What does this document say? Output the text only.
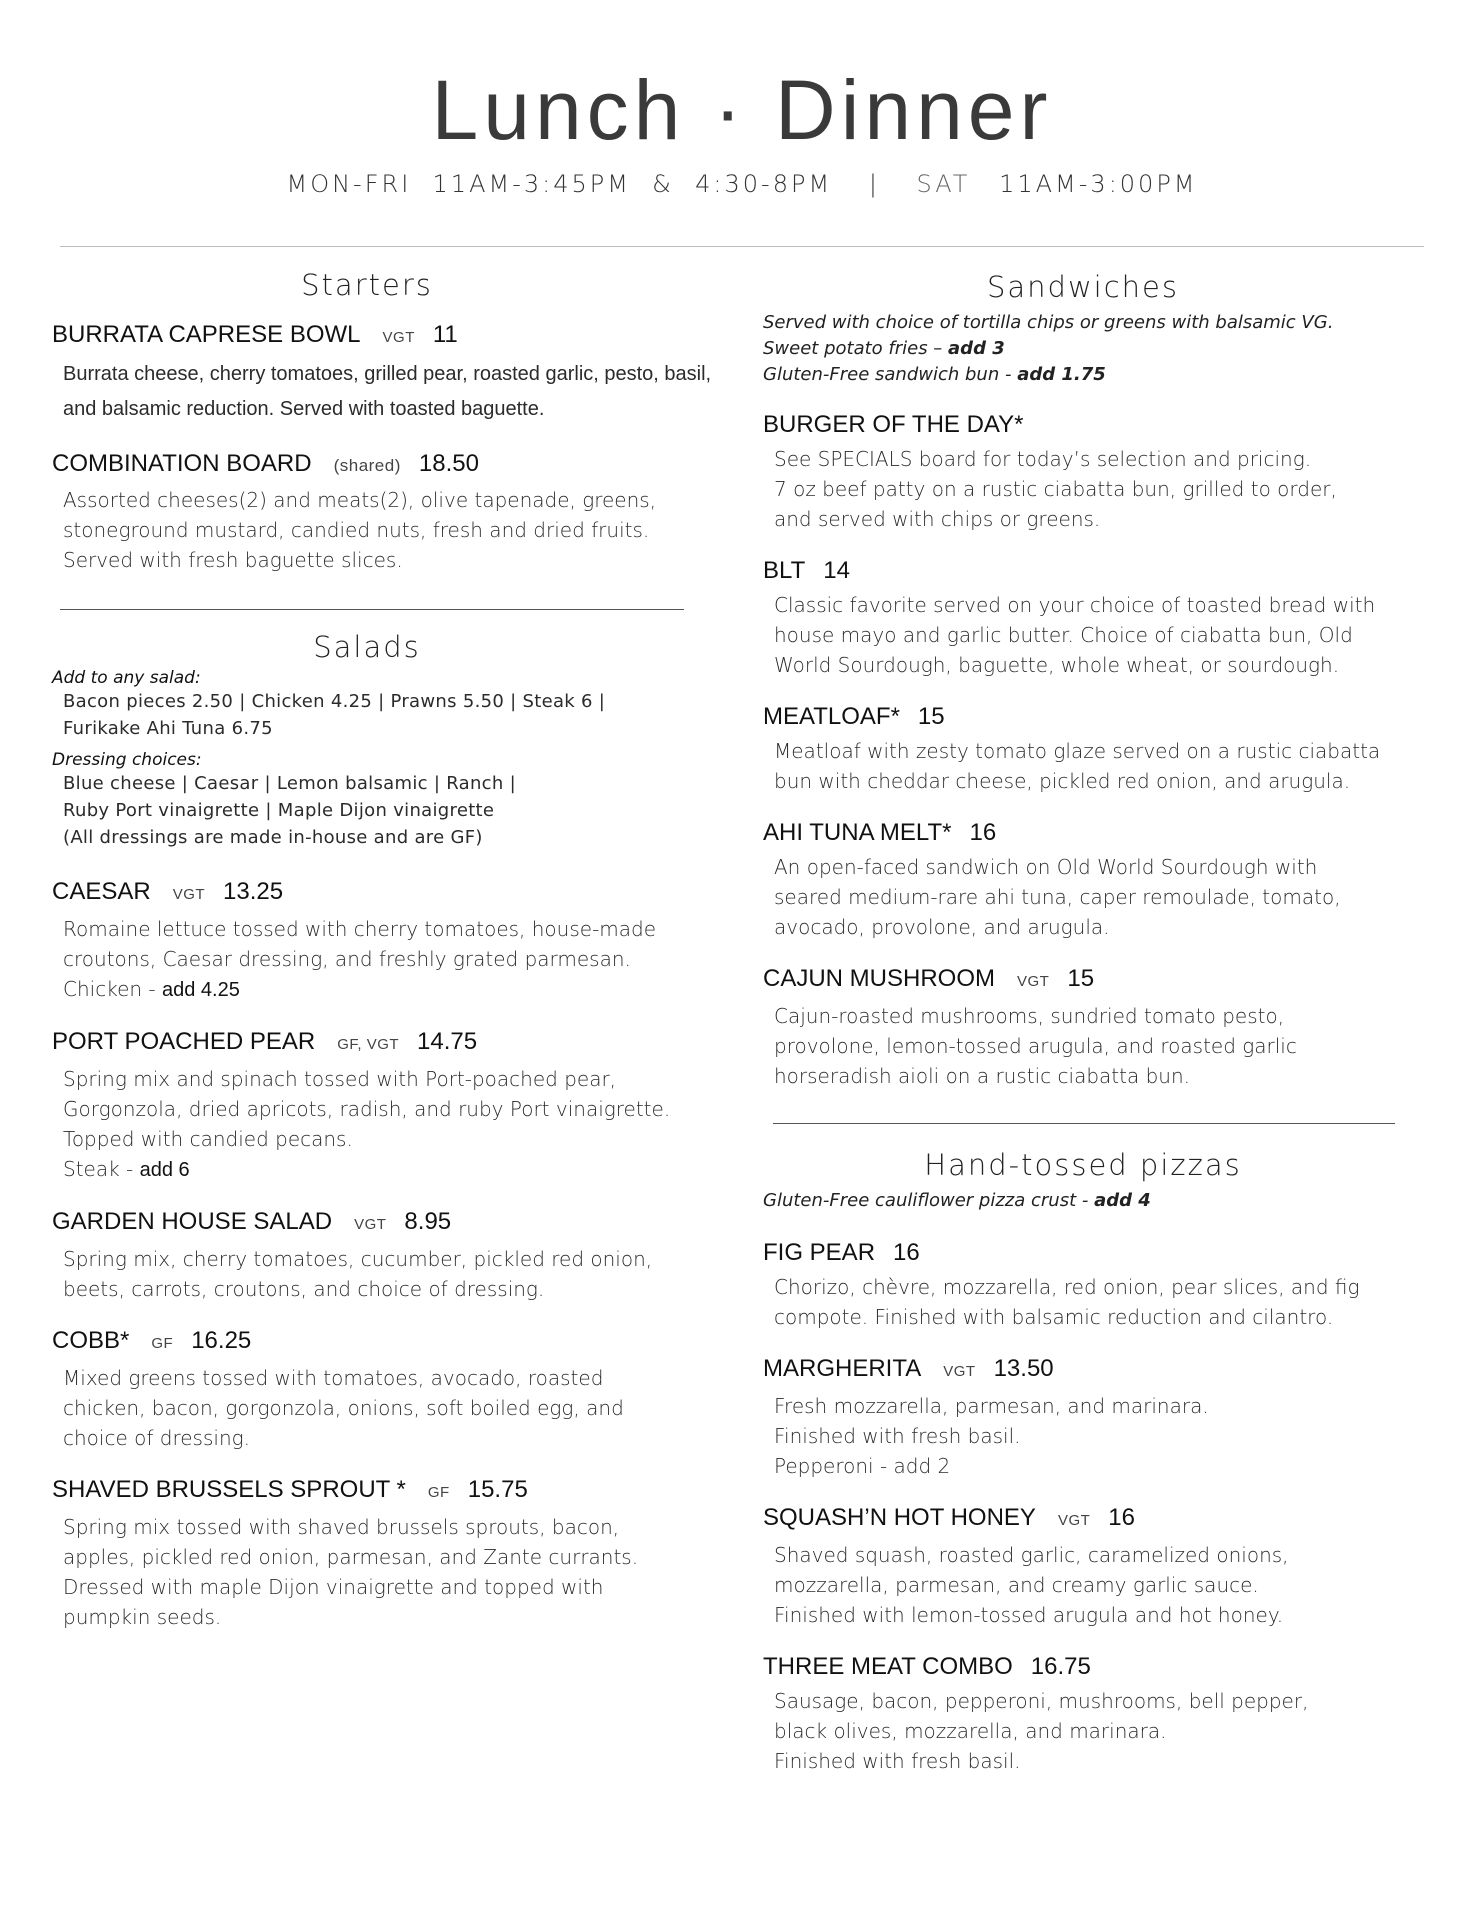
Lunch · Dinner
MON-FRI  11AM-3:45PM  &  4:30-8PM | SAT 11AM-3:00PM
Starters
BURRATA CAPRESE BOWL VGT 11
Burrata cheese, cherry tomatoes, grilled pear, roasted garlic, pesto, basil, and balsamic reduction. Served with toasted baguette.
COMBINATION BOARD (shared) 18.50
Assorted cheeses(2) and meats(2), olive tapenade, greens,
stoneground mustard, candied nuts, fresh and dried fruits.
Served with fresh baguette slices.
Salads
Add to any salad:
Bacon pieces 2.50 | Chicken 4.25 | Prawns 5.50 | Steak 6 |
Furikake Ahi Tuna 6.75
Dressing choices:
Blue cheese | Caesar | Lemon balsamic | Ranch |
Ruby Port vinaigrette | Maple Dijon vinaigrette
(All dressings are made in-house and are GF)
CAESAR VGT 13.25
Romaine lettuce tossed with cherry tomatoes, house-made
croutons, Caesar dressing, and freshly grated parmesan.
Chicken - add 4.25
PORT POACHED PEAR GF, VGT 14.75
Spring mix and spinach tossed with Port-poached pear,
Gorgonzola, dried apricots, radish, and ruby Port vinaigrette.
Topped with candied pecans.
Steak - add 6
GARDEN HOUSE SALAD VGT 8.95
Spring mix, cherry tomatoes, cucumber, pickled red onion,
beets, carrots, croutons, and choice of dressing.
COBB* GF 16.25
Mixed greens tossed with tomatoes, avocado, roasted
chicken, bacon, gorgonzola, onions, soft boiled egg, and
choice of dressing.
SHAVED BRUSSELS SPROUT * GF 15.75
Spring mix tossed with shaved brussels sprouts, bacon,
apples, pickled red onion, parmesan, and Zante currants.
Dressed with maple Dijon vinaigrette and topped with
pumpkin seeds.
Sandwiches
Served with choice of tortilla chips or greens with balsamic VG.
Sweet potato fries – add 3
Gluten-Free sandwich bun - add 1.75
BURGER OF THE DAY*
See SPECIALS board for today’s selection and pricing.
7 oz beef patty on a rustic ciabatta bun, grilled to order,
and served with chips or greens.
BLT 14
Classic favorite served on your choice of toasted bread with
house mayo and garlic butter. Choice of ciabatta bun, Old
World Sourdough, baguette, whole wheat, or sourdough.
MEATLOAF* 15
Meatloaf with zesty tomato glaze served on a rustic ciabatta
bun with cheddar cheese, pickled red onion, and arugula.
AHI TUNA MELT* 16
An open-faced sandwich on Old World Sourdough with
seared medium-rare ahi tuna, caper remoulade, tomato,
avocado, provolone, and arugula.
CAJUN MUSHROOM VGT 15
Cajun-roasted mushrooms, sundried tomato pesto,
provolone, lemon-tossed arugula, and roasted garlic
horseradish aioli on a rustic ciabatta bun.
Hand-tossed pizzas
Gluten-Free cauliflower pizza crust - add 4
FIG PEAR 16
Chorizo, chèvre, mozzarella, red onion, pear slices, and fig
compote. Finished with balsamic reduction and cilantro.
MARGHERITA VGT 13.50
Fresh mozzarella, parmesan, and marinara.
Finished with fresh basil.
Pepperoni - add 2
SQUASH’N HOT HONEY VGT 16
Shaved squash, roasted garlic, caramelized onions,
mozzarella, parmesan, and creamy garlic sauce.
Finished with lemon-tossed arugula and hot honey.
THREE MEAT COMBO 16.75
Sausage, bacon, pepperoni, mushrooms, bell pepper,
black olives, mozzarella, and marinara.
Finished with fresh basil.
